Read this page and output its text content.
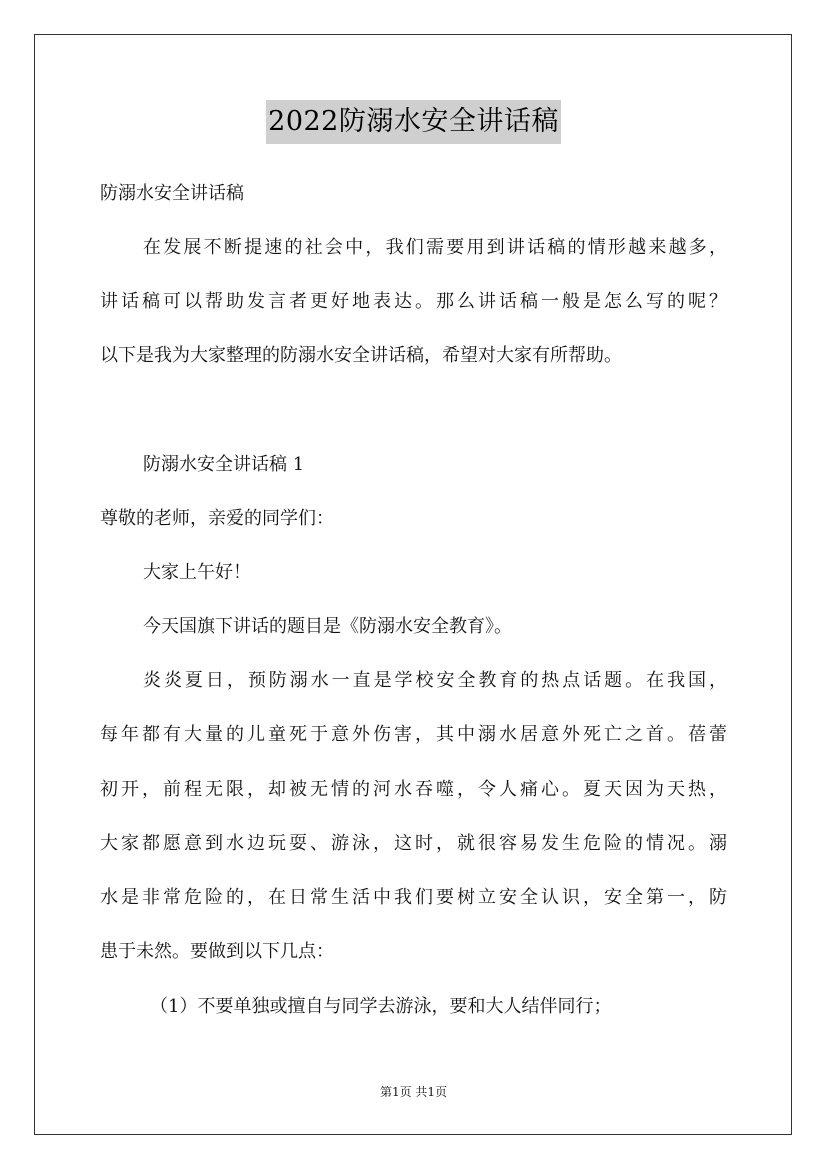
2022防溺水安全讲话稿
防溺水安全讲话稿
在发展不断提速的社会中，我们需要用到讲话稿的情形越来越多，
讲话稿可以帮助发言者更好地表达。那么讲话稿一般是怎么写的呢？
以下是我为大家整理的防溺水安全讲话稿，希望对大家有所帮助。
防溺水安全讲话稿 1
尊敬的老师，亲爱的同学们：
大家上午好！
今天国旗下讲话的题目是《防溺水安全教育》。
炎炎夏日，预防溺水一直是学校安全教育的热点话题。在我国，
每年都有大量的儿童死于意外伤害，其中溺水居意外死亡之首。蓓蕾
初开，前程无限，却被无情的河水吞噬，令人痛心。夏天因为天热，
大家都愿意到水边玩耍、游泳，这时，就很容易发生危险的情况。溺
水是非常危险的，在日常生活中我们要树立安全认识，安全第一，防
患于未然。要做到以下几点：
（1）不要单独或擅自与同学去游泳，要和大人结伴同行；
第1页 共1页
